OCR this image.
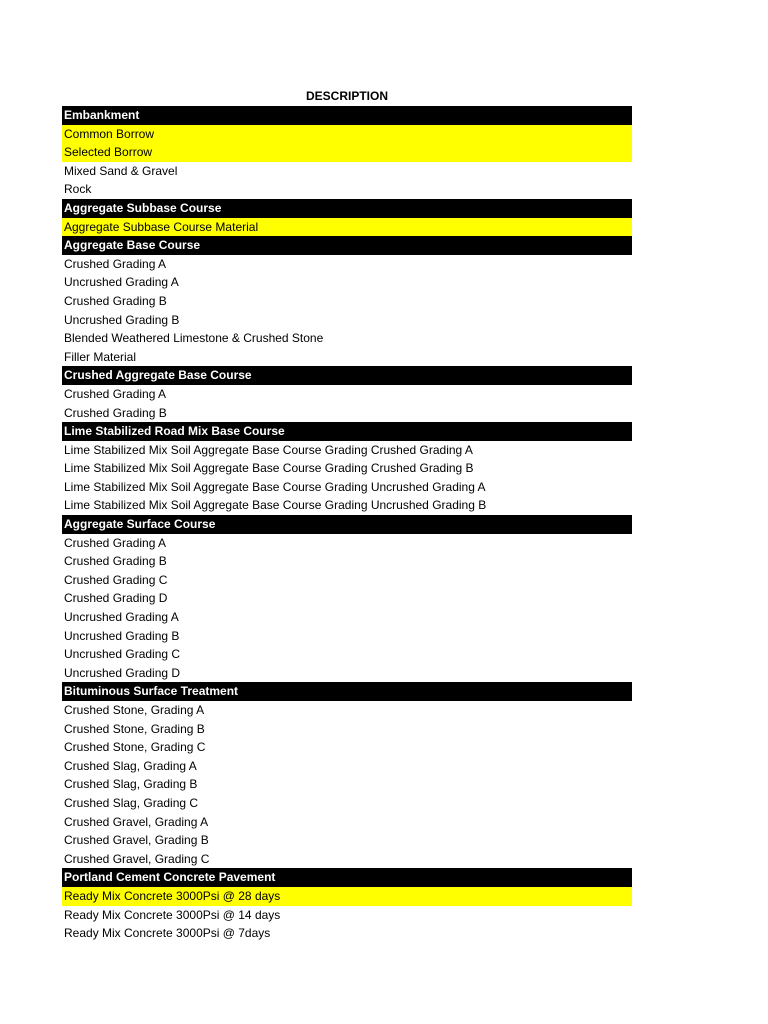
DESCRIPTION
Embankment
Common Borrow
Selected Borrow
Mixed Sand & Gravel
Rock
Aggregate Subbase Course
Aggregate Subbase Course Material
Aggregate Base Course
Crushed Grading A
Uncrushed Grading A
Crushed Grading B
Uncrushed Grading B
Blended Weathered Limestone & Crushed Stone
Filler Material
Crushed Aggregate Base Course
Crushed Grading A
Crushed Grading B
Lime Stabilized Road Mix Base Course
Lime Stabilized Mix Soil Aggregate Base Course Grading Crushed Grading A
Lime Stabilized Mix Soil Aggregate Base Course Grading Crushed Grading B
Lime Stabilized Mix Soil Aggregate Base Course Grading Uncrushed Grading A
Lime Stabilized Mix Soil Aggregate Base Course Grading Uncrushed Grading B
Aggregate Surface Course
Crushed Grading A
Crushed Grading B
Crushed Grading C
Crushed Grading D
Uncrushed Grading A
Uncrushed Grading B
Uncrushed Grading C
Uncrushed Grading D
Bituminous Surface Treatment
Crushed Stone, Grading A
Crushed Stone, Grading B
Crushed Stone, Grading C
Crushed Slag, Grading A
Crushed Slag, Grading B
Crushed Slag, Grading C
Crushed Gravel, Grading A
Crushed Gravel, Grading B
Crushed Gravel, Grading C
Portland Cement Concrete Pavement
Ready Mix Concrete 3000Psi @ 28 days
Ready Mix Concrete 3000Psi @ 14 days
Ready Mix Concrete 3000Psi @ 7days
